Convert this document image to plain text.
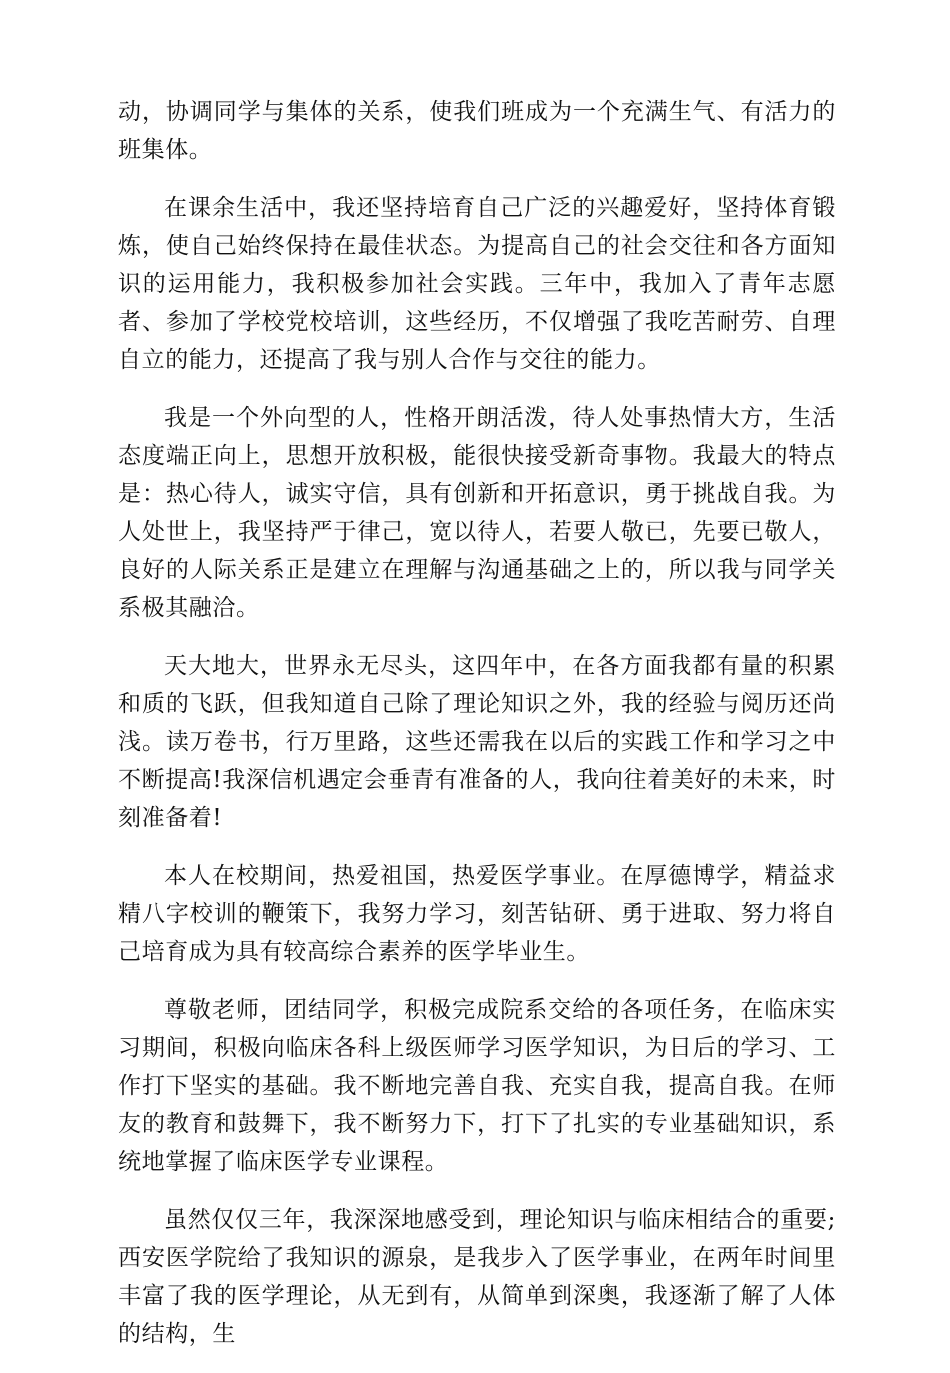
动，协调同学与集体的关系，使我们班成为一个充满生气、有活力的班集体。

在课余生活中，我还坚持培育自己广泛的兴趣爱好，坚持体育锻炼，使自己始终保持在最佳状态。为提高自己的社会交往和各方面知识的运用能力，我积极参加社会实践。三年中，我加入了青年志愿者、参加了学校党校培训，这些经历，不仅增强了我吃苦耐劳、自理自立的能力，还提高了我与别人合作与交往的能力。

我是一个外向型的人，性格开朗活泼，待人处事热情大方，生活态度端正向上，思想开放积极，能很快接受新奇事物。我最大的特点是：热心待人，诚实守信，具有创新和开拓意识，勇于挑战自我。为人处世上，我坚持严于律己，宽以待人，若要人敬已，先要已敬人，良好的人际关系正是建立在理解与沟通基础之上的，所以我与同学关系极其融洽。

天大地大，世界永无尽头，这四年中，在各方面我都有量的积累和质的飞跃，但我知道自己除了理论知识之外，我的经验与阅历还尚浅。读万卷书，行万里路，这些还需我在以后的实践工作和学习之中不断提高!我深信机遇定会垂青有准备的人，我向往着美好的未来，时刻准备着!

本人在校期间，热爱祖国，热爱医学事业。在厚德博学，精益求精八字校训的鞭策下，我努力学习，刻苦钻研、勇于进取、努力将自己培育成为具有较高综合素养的医学毕业生。

尊敬老师，团结同学，积极完成院系交给的各项任务，在临床实习期间，积极向临床各科上级医师学习医学知识，为日后的学习、工作打下坚实的基础。我不断地完善自我、充实自我，提高自我。在师友的教育和鼓舞下，我不断努力下，打下了扎实的专业基础知识，系统地掌握了临床医学专业课程。

虽然仅仅三年，我深深地感受到，理论知识与临床相结合的重要;西安医学院给了我知识的源泉，是我步入了医学事业，在两年时间里丰富了我的医学理论，从无到有，从简单到深奥，我逐渐了解了人体的结构，生
